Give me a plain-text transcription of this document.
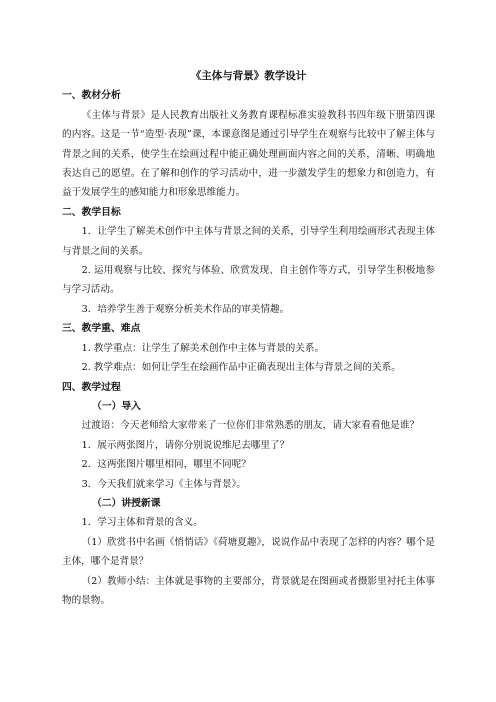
《主体与背景》教学设计
一、教材分析

《主体与背景》是人民教育出版社义务教育课程标准实验教科书四年级下册第四课的内容。这是一节“造型·表现”课，本课意图是通过引导学生在观察与比较中了解主体与背景之间的关系，使学生在绘画过程中能正确处理画面内容之间的关系，清晰、明确地表达自己的愿望。在了解和创作的学习活动中，进一步激发学生的想象力和创造力，有益于发展学生的感知能力和形象思维能力。

二、教学目标

1．让学生了解美术创作中主体与背景之间的关系，引导学生利用绘画形式表现主体与背景之间的关系。

2. 运用观察与比较、探究与体验、欣赏发现、自主创作等方式，引导学生积极地参与学习活动。

3．培养学生善于观察分析美术作品的审美情趣。

三、教学重、难点

1. 教学重点：让学生了解美术创作中主体与背景的关系。

2. 教学难点：如何让学生在绘画作品中正确表现出主体与背景之间的关系。

四、教学过程
（一）导入

过渡语：今天老师给大家带来了一位你们非常熟悉的朋友，请大家看看他是谁？

1．展示两张图片，请你分别说说维尼去哪里了？

2．这两张图片哪里相同，哪里不同呢？

3．今天我们就来学习《主体与背景》。

（二）讲授新课

1．学习主体和背景的含义。

（1）欣赏书中名画《悄悄话》《荷塘夏趣》，说说作品中表现了怎样的内容？哪个是主体，哪个是背景？

（2）教师小结：主体就是事物的主要部分，背景就是在图画或者摄影里衬托主体事物的景物。
